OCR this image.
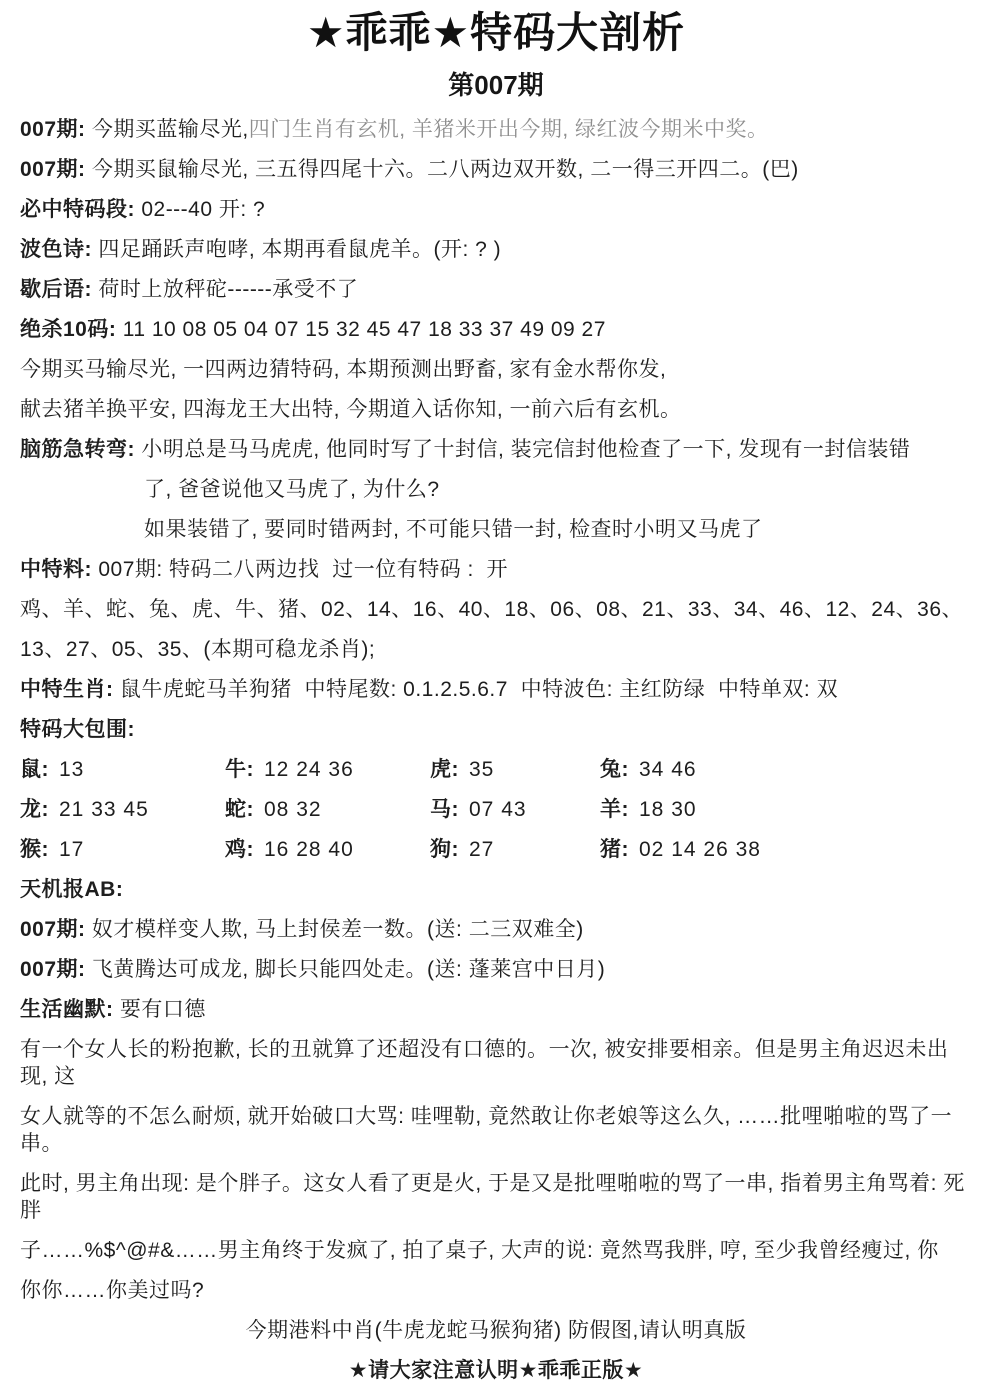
★乖乖★特码大剖析
第007期
007期: 今期买蓝输尽光,四门生肖有玄机, 羊猪米开出今期, 绿红波今期米中奖。
007期: 今期买鼠输尽光, 三五得四尾十六。二八两边双开数, 二一得三开四二。(巴)
必中特码段: 02---40 开: ?
波色诗: 四足踊跃声咆哮, 本期再看鼠虎羊。(开: ? )
歇后语: 荷时上放秤砣------承受不了
绝杀10码: 11 10 08 05 04 07 15 32 45 47 18 33 37 49 09 27
今期买马输尽光, 一四两边猜特码, 本期预测出野畜, 家有金水帮你发,
献去猪羊换平安, 四海龙王大出特, 今期道入话你知, 一前六后有玄机。
脑筋急转弯: 小明总是马马虎虎, 他同时写了十封信, 装完信封他检查了一下, 发现有一封信装错
了, 爸爸说他又马虎了, 为什么?
如果装错了, 要同时错两封, 不可能只错一封, 检查时小明又马虎了
中特料: 007期: 特码二八两边找  过一位有特码 :  开
鸡、羊、蛇、兔、虎、牛、猪、02、14、16、40、18、06、08、21、33、34、46、12、24、36、
13、27、05、35、(本期可稳龙杀肖);
中特生肖: 鼠牛虎蛇马羊狗猪  中特尾数: 0.1.2.5.6.7  中特波色: 主红防绿  中特单双: 双
特码大包围:
鼠: 13	牛: 12 24 36	虎: 35	兔: 34 46
龙: 21 33 45	蛇: 08 32	马: 07 43	羊: 18 30
猴: 17	鸡: 16 28 40	狗: 27	猪: 02 14 26 38
天机报AB:
007期: 奴才模样变人欺, 马上封侯差一数。(送: 二三双难全)
007期: 飞黄腾达可成龙, 脚长只能四处走。(送: 蓬莱宫中日月)
生活幽默: 要有口德
有一个女人长的粉抱歉, 长的丑就算了还超没有口德的。一次, 被安排要相亲。但是男主角迟迟未出现, 这
女人就等的不怎么耐烦, 就开始破口大骂: 哇哩勒, 竟然敢让你老娘等这么久, ……批哩啪啦的骂了一串。
此时, 男主角出现: 是个胖子。这女人看了更是火, 于是又是批哩啪啦的骂了一串, 指着男主角骂着: 死胖
子……%$^@#&……男主角终于发疯了, 拍了桌子, 大声的说: 竟然骂我胖, 哼, 至少我曾经瘦过, 你
你你……你美过吗?
今期港料中肖(牛虎龙蛇马猴狗猪) 防假图,请认明真版
★请大家注意认明★乖乖正版★
